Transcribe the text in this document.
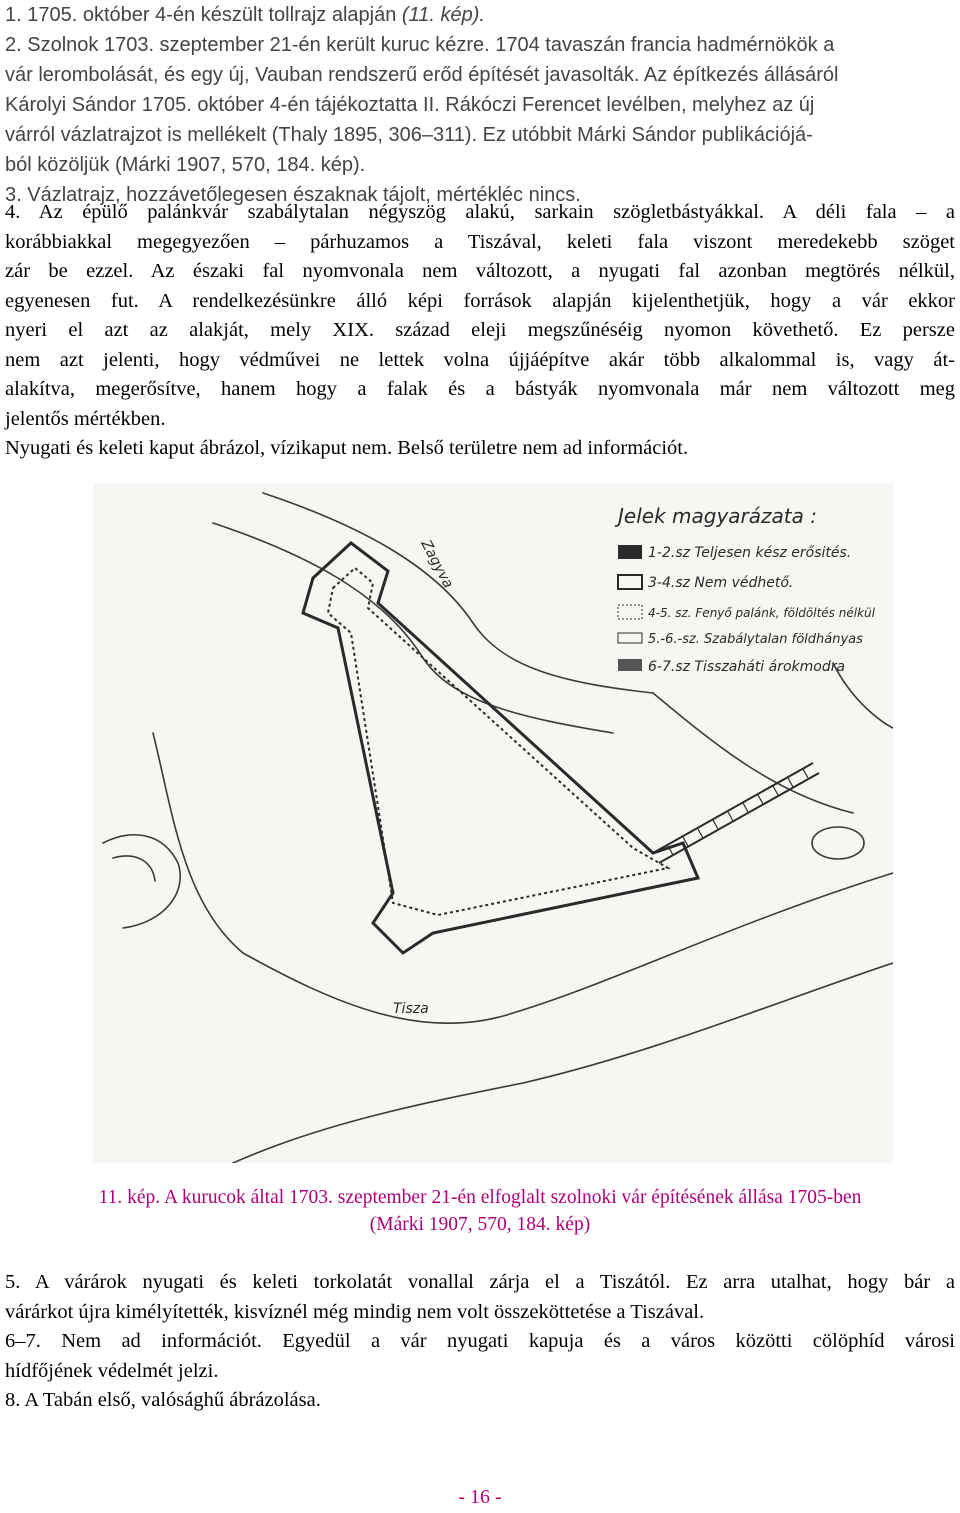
1. 1705. október 4-én készült tollrajz alapján (11. kép).
2. Szolnok 1703. szeptember 21-én került kuruc kézre. 1704 tavaszán francia hadmérnökök a
vár lerombolását, és egy új, Vauban rendszerű erőd építését javasolták. Az építkezés állásáról
Károlyi Sándor 1705. október 4-én tájékoztatta II. Rákóczi Ferencet levélben, melyhez az új
várról vázlatrajzot is mellékelt (Thaly 1895, 306–311). Ez utóbbit Márki Sándor publikációjá-
ból közöljük (Márki 1907, 570, 184. kép).
3. Vázlatrajz, hozzávetőlegesen északnak tájolt, mértékléc nincs.
4. Az épülő palánkvár szabálytalan négyszög alakú, sarkain szögletbástyákkal. A déli fala – a
korábbiakkal megegyezően – párhuzamos a Tiszával, keleti fala viszont meredekebb szöget
zár be ezzel. Az északi fal nyomvonala nem változott, a nyugati fal azonban megtörés nélkül,
egyenesen fut. A rendelkezésünkre álló képi források alapján kijelenthetjük, hogy a vár ekkor
nyeri el azt az alakját, mely XIX. század eleji megszűnéséig nyomon követhető. Ez persze
nem azt jelenti, hogy védművei ne lettek volna újjáépítve akár több alkalommal is, vagy át-
alakítva, megerősítve, hanem hogy a falak és a bástyák nyomvonala már nem változott meg
jelentős mértékben.
Nyugati és keleti kaput ábrázol, vízikaput nem. Belső területre nem ad információt.
Jelek magyarázata :
1-2.sz Teljesen kész erősités.
3-4.sz Nem védhető.
4-5. sz. Fenyő palánk, földöltés nélkül
5.-6.-sz. Szabálytalan földhányas
6-7.sz Tisszaháti árokmodra
Zagyva
Tisza
11. kép. A kurucok által 1703. szeptember 21-én elfoglalt szolnoki vár építésének állása 1705-ben
(Márki 1907, 570, 184. kép)
5. A várárok nyugati és keleti torkolatát vonallal zárja el a Tiszától. Ez arra utalhat, hogy bár a
várárkot újra kimélyítették, kisvíznél még mindig nem volt összeköttetése a Tiszával.
6–7. Nem ad információt. Egyedül a vár nyugati kapuja és a város közötti cölöphíd városi
hídfőjének védelmét jelzi.
8. A Tabán első, valósághű ábrázolása.
- 16 -
